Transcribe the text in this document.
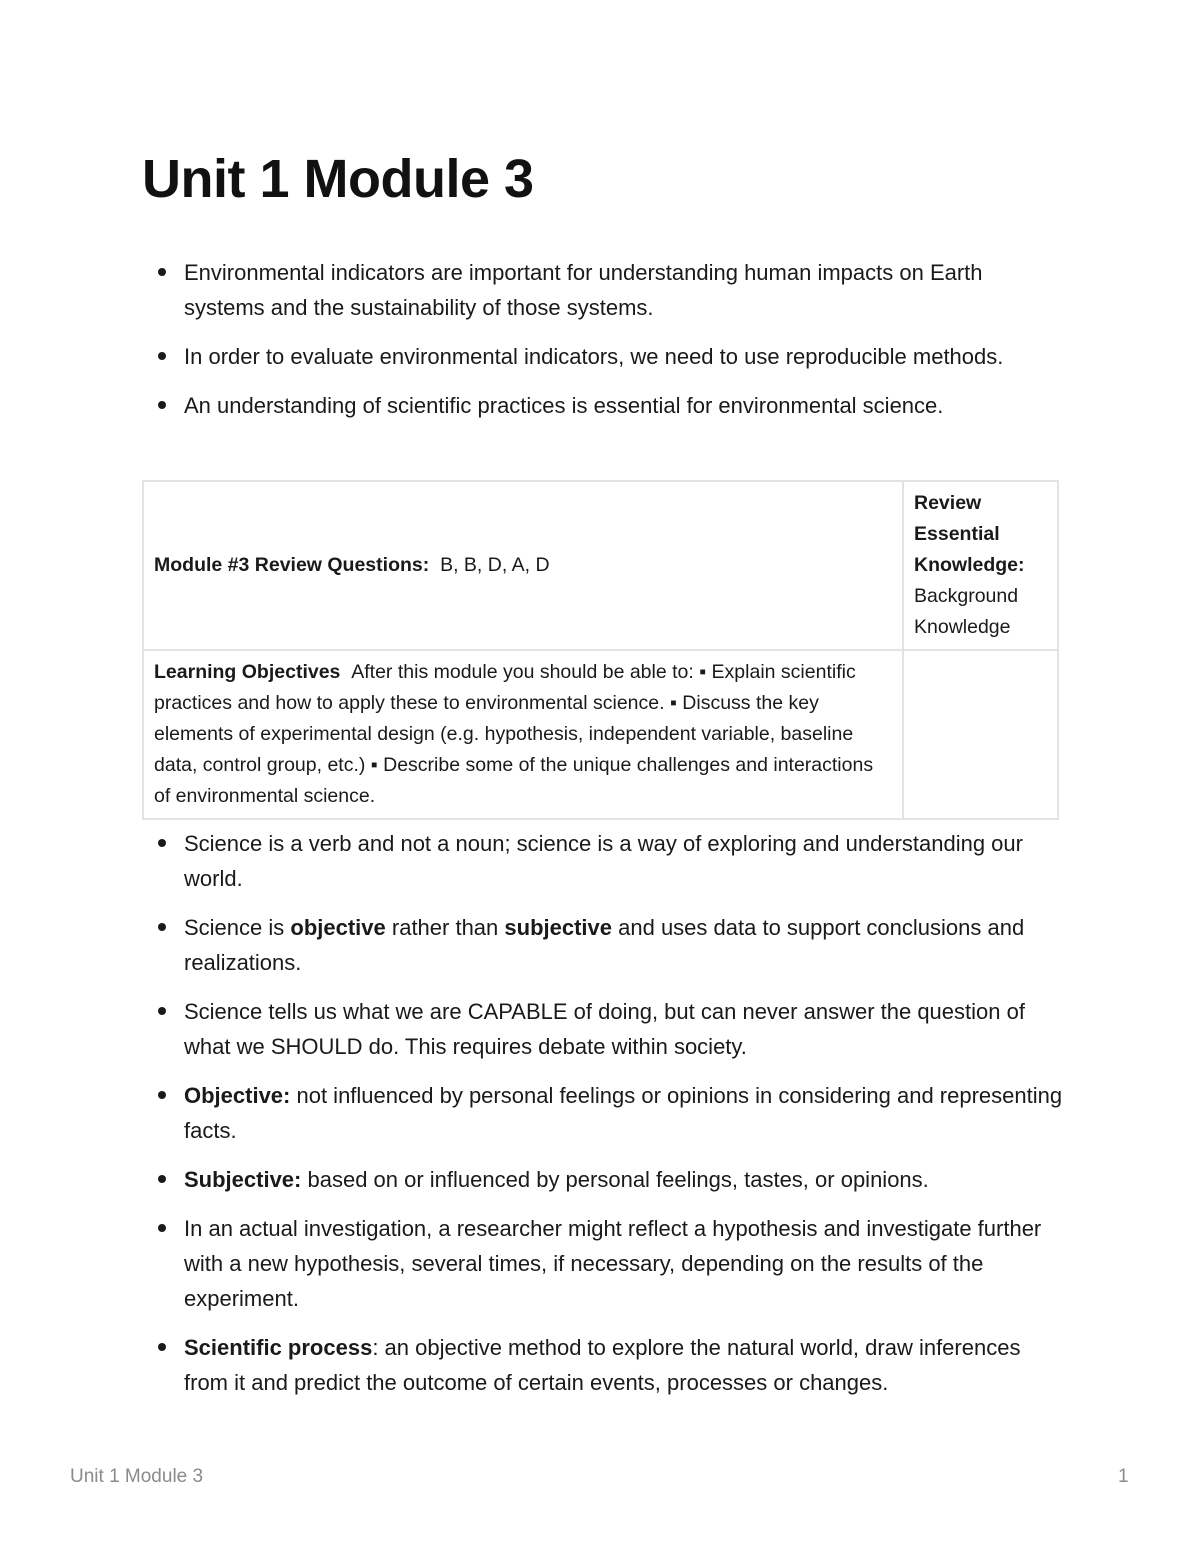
Unit 1 Module 3
Environmental indicators are important for understanding human impacts on Earth systems and the sustainability of those systems.
In order to evaluate environmental indicators, we need to use reproducible methods.
An understanding of scientific practices is essential for environmental science.
Module #3 Review Questions: B, B, D, A, D	Review Essential Knowledge:
Background Knowledge

Learning Objectives After this module you should be able to: ▪ Explain scientific practices and how to apply these to environmental science. ▪ Discuss the key elements of experimental design (e.g. hypothesis, independent variable, baseline data, control group, etc.) ▪ Describe some of the unique challenges and interactions of environmental science.	
Science is a verb and not a noun; science is a way of exploring and understanding our world.
Science is objective rather than subjective and uses data to support conclusions and realizations.
Science tells us what we are CAPABLE of doing, but can never answer the question of what we SHOULD do. This requires debate within society.
Objective: not influenced by personal feelings or opinions in considering and representing facts.
Subjective: based on or influenced by personal feelings, tastes, or opinions.
In an actual investigation, a researcher might reflect a hypothesis and investigate further with a new hypothesis, several times, if necessary, depending on the results of the experiment.
Scientific process: an objective method to explore the natural world, draw inferences from it and predict the outcome of certain events, processes or changes.
Unit 1 Module 3	1
